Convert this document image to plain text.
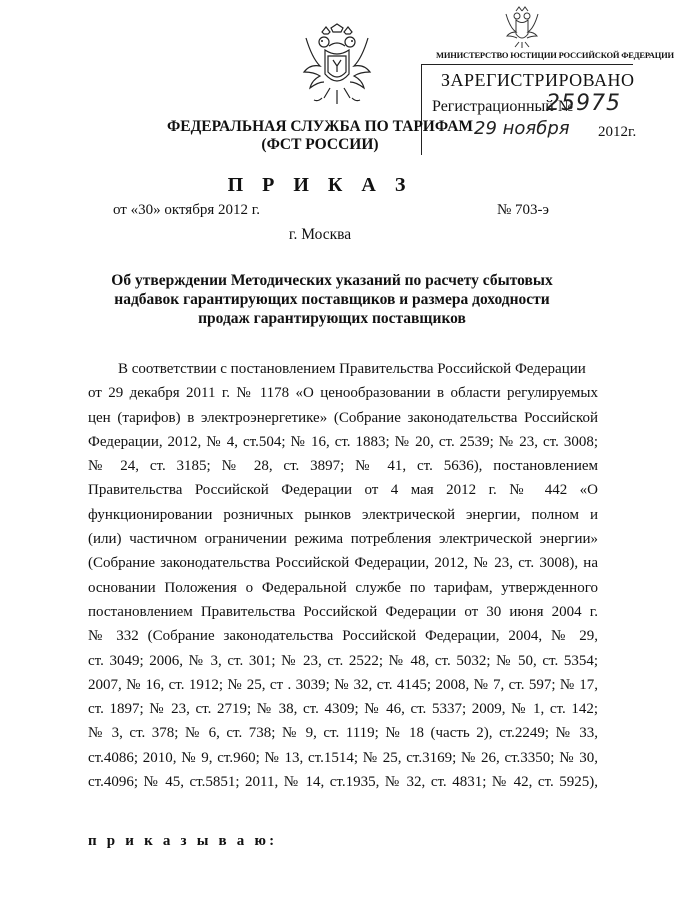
МИНИСТЕРСТВО ЮСТИЦИИ РОССИЙСКОЙ ФЕДЕРАЦИИ
ЗАРЕГИСТРИРОВАНО
Регистрационный №
25975
29 ноября 2012г.
ФЕДЕРАЛЬНАЯ СЛУЖБА ПО ТАРИФАМ
(ФСТ РОССИИ)
П Р И К А З
от «30» октября 2012 г.	№ 703-э
г. Москва
Об утверждении Методических указаний по расчету сбытовых надбавок гарантирующих поставщиков и размера доходности продаж гарантирующих поставщиков
В соответствии с постановлением Правительства Российской Федерации
от 29 декабря 2011 г. № 1178 «О ценообразовании в области регулируемых
цен (тарифов) в электроэнергетике» (Собрание законодательства Российской
Федерации, 2012, № 4, ст.504; № 16, ст. 1883; № 20, ст. 2539; № 23, ст. 3008;
№ 24, ст. 3185; № 28, ст. 3897; № 41, ст. 5636), постановлением
Правительства Российской Федерации от 4 мая 2012 г. № 442 «О
функционировании розничных рынков электрической энергии, полном и
(или) частичном ограничении режима потребления электрической энергии»
(Собрание законодательства Российской Федерации, 2012, № 23, ст. 3008), на
основании Положения о Федеральной службе по тарифам, утвержденного
постановлением Правительства Российской Федерации от 30 июня 2004 г.
№ 332 (Собрание законодательства Российской Федерации, 2004, № 29,
ст. 3049; 2006, № 3, ст. 301; № 23, ст. 2522; № 48, ст. 5032; № 50, ст. 5354;
2007, № 16, ст. 1912; № 25, ст . 3039; № 32, ст. 4145; 2008, № 7, ст. 597; № 17,
ст. 1897; № 23, ст. 2719; № 38, ст. 4309; № 46, ст. 5337; 2009, № 1, ст. 142;
№ 3, ст. 378; № 6, ст. 738; № 9, ст. 1119; № 18 (часть 2), ст.2249; № 33,
ст.4086; 2010, № 9, ст.960; № 13, ст.1514; № 25, ст.3169; № 26, ст.3350; № 30,
ст.4096; № 45, ст.5851; 2011, № 14, ст.1935, № 32, ст. 4831; № 42, ст. 5925),
п р и к а з ы в а ю:
